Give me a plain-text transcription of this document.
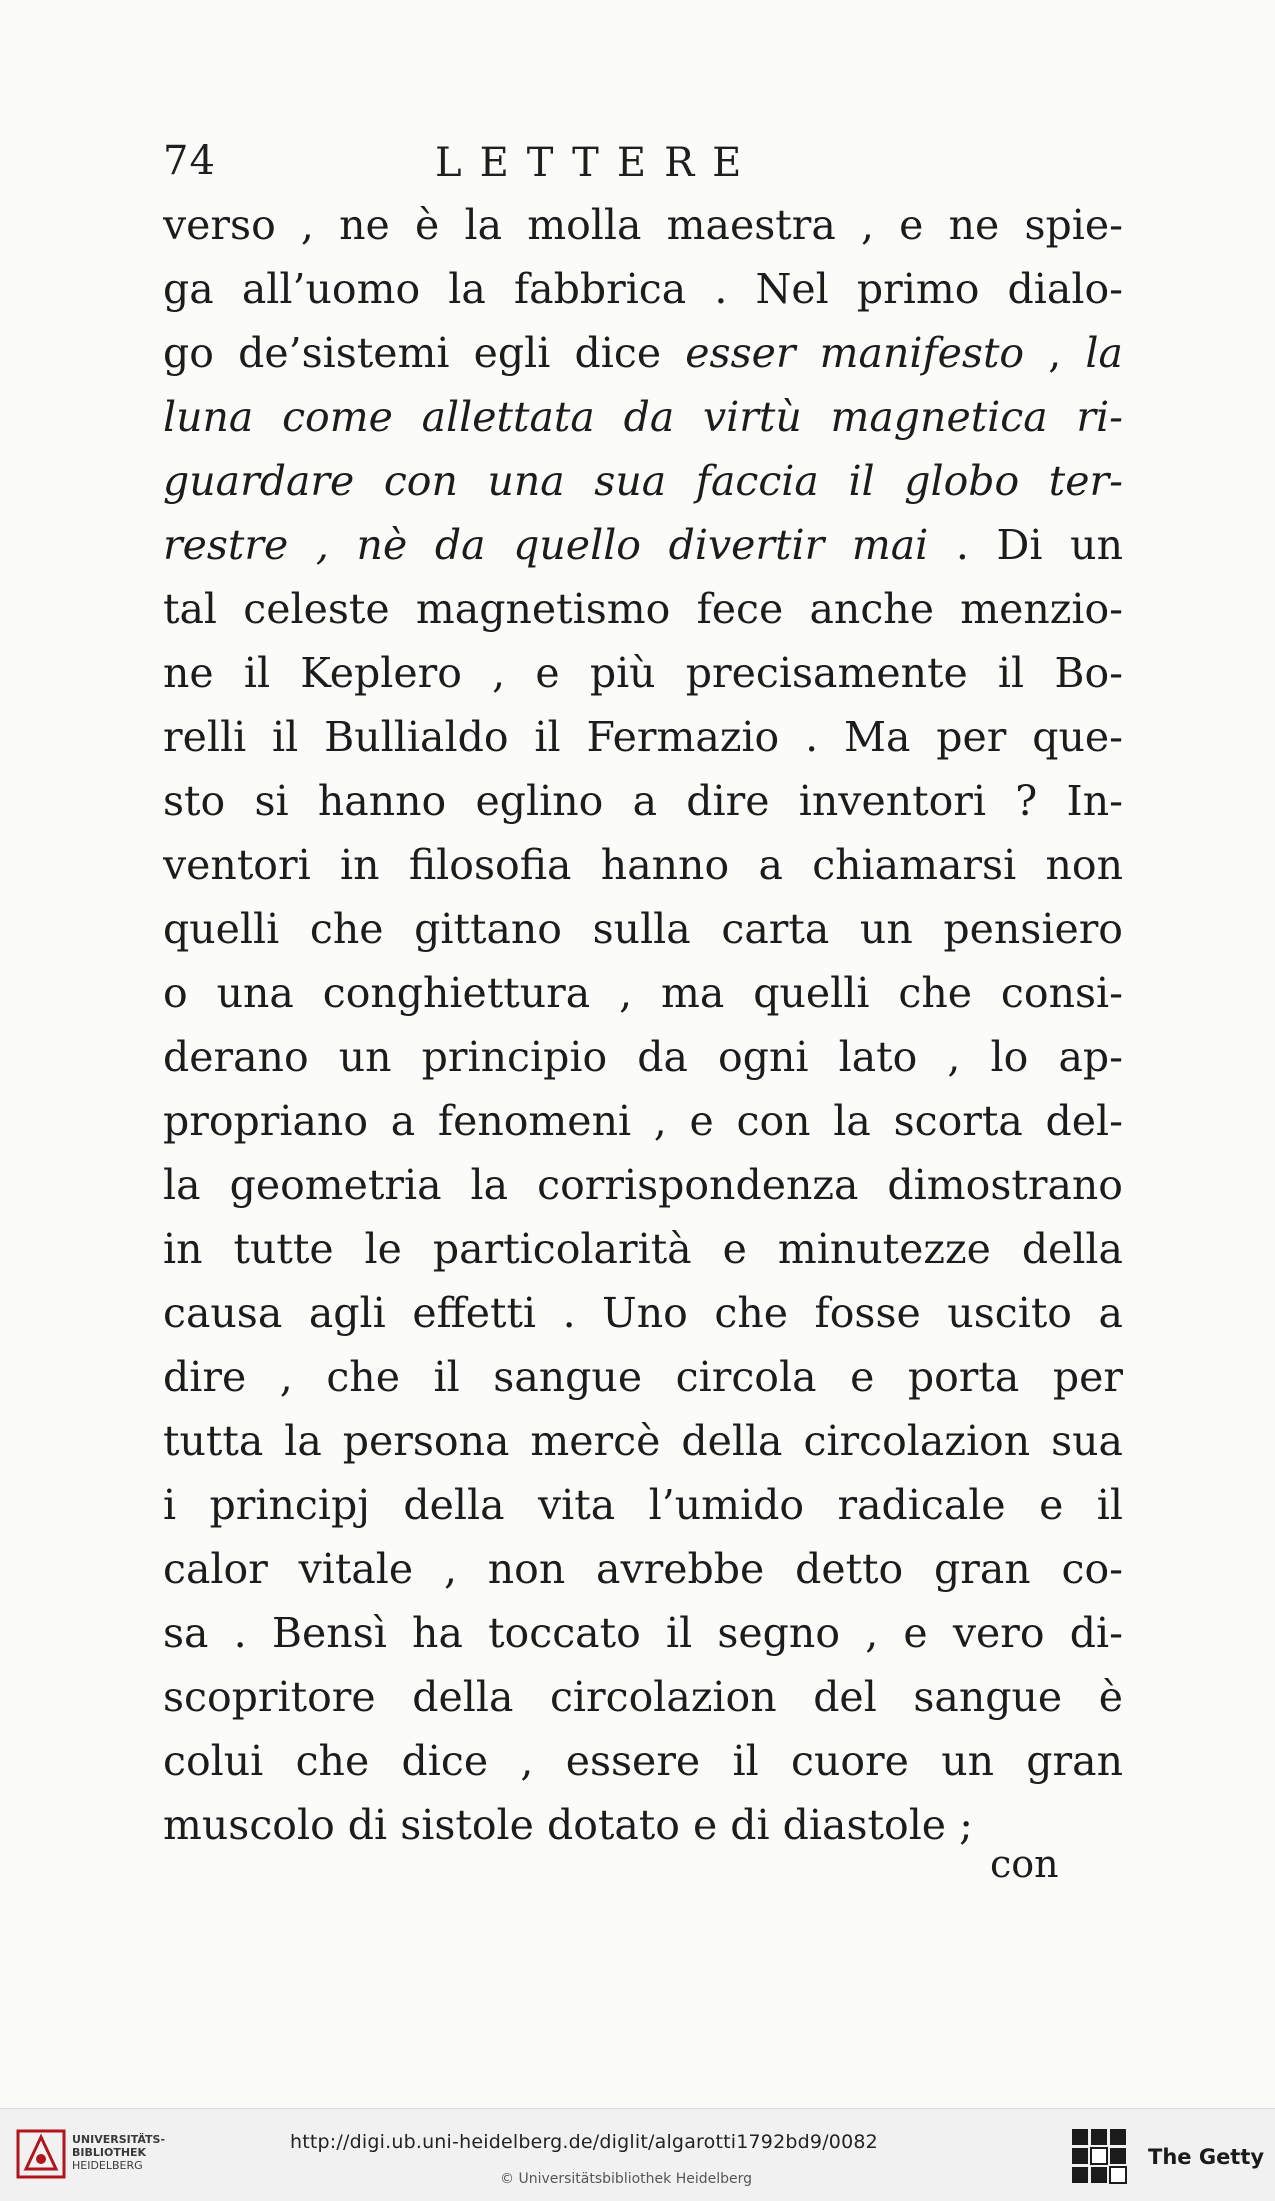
74	LETTERE
verso , ne è la molla maestra , e ne spie-
ga all’uomo la fabbrica . Nel primo dialo-
go de’sistemi egli dice esser manifesto , la
luna come allettata da virtù magnetica ri-
guardare con una sua faccia il globo ter-
restre , nè da quello divertir mai . Di un
tal celeste magnetismo fece anche menzio-
ne il Keplero , e più precisamente il Bo-
relli il Bullialdo il Fermazio . Ma per que-
sto si hanno eglino a dire inventori ? In-
ventori in filosofia hanno a chiamarsi non
quelli che gittano sulla carta un pensiero
o una conghiettura , ma quelli che consi-
derano un principio da ogni lato , lo ap-
propriano a fenomeni , e con la scorta del-
la geometria la corrispondenza dimostrano
in tutte le particolarità e minutezze della
causa agli effetti . Uno che fosse uscito a
dire , che il sangue circola e porta per
tutta la persona mercè della circolazion sua
i principj della vita l’umido radicale e il
calor vitale , non avrebbe detto gran co-
sa . Bensì ha toccato il segno , e vero di-
scopritore della circolazion del sangue è
colui che dice , essere il cuore un gran
muscolo di sistole dotato e di diastole ;
con
UNIVERSITÄTS-
BIBLIOTHEK
HEIDELBERG
http://digi.ub.uni-heidelberg.de/diglit/algarotti1792bd9/0082
© Universitätsbibliothek Heidelberg
The Getty
